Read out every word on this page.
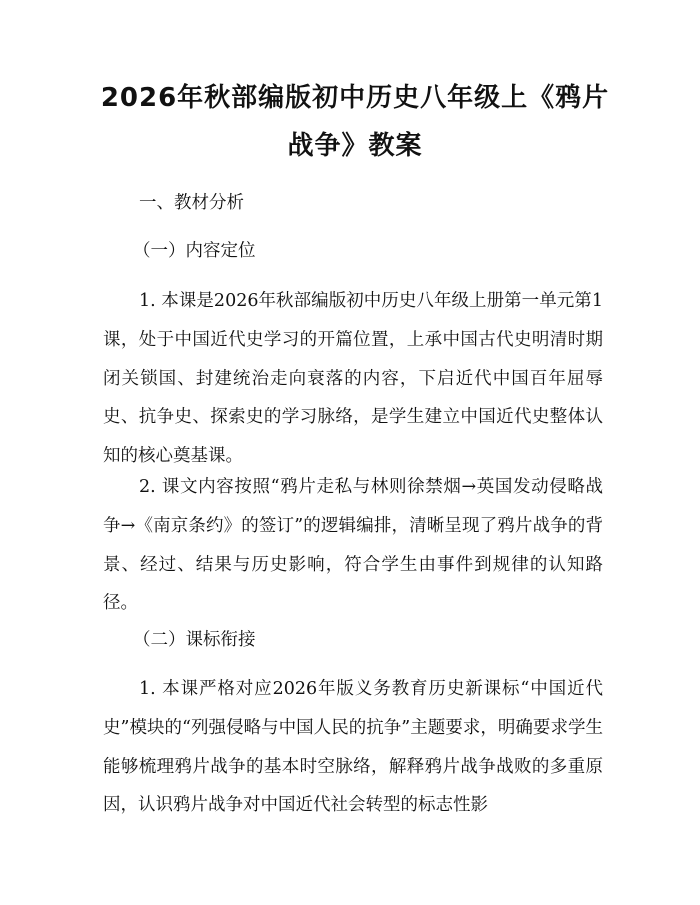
2026年秋部编版初中历史八年级上《鸦片战争》教案

一、教材分析

（一）内容定位

1. 本课是2026年秋部编版初中历史八年级上册第一单元第1课，处于中国近代史学习的开篇位置，上承中国古代史明清时期闭关锁国、封建统治走向衰落的内容，下启近代中国百年屈辱史、抗争史、探索史的学习脉络，是学生建立中国近代史整体认知的核心奠基课。

2. 课文内容按照“鸦片走私与林则徐禁烟→英国发动侵略战争→《南京条约》的签订”的逻辑编排，清晰呈现了鸦片战争的背景、经过、结果与历史影响，符合学生由事件到规律的认知路径。

（二）课标衔接

1. 本课严格对应2026年版义务教育历史新课标“中国近代史”模块的“列强侵略与中国人民的抗争”主题要求，明确要求学生能够梳理鸦片战争的基本时空脉络，解释鸦片战争战败的多重原因，认识鸦片战争对中国近代社会转型的标志性影
